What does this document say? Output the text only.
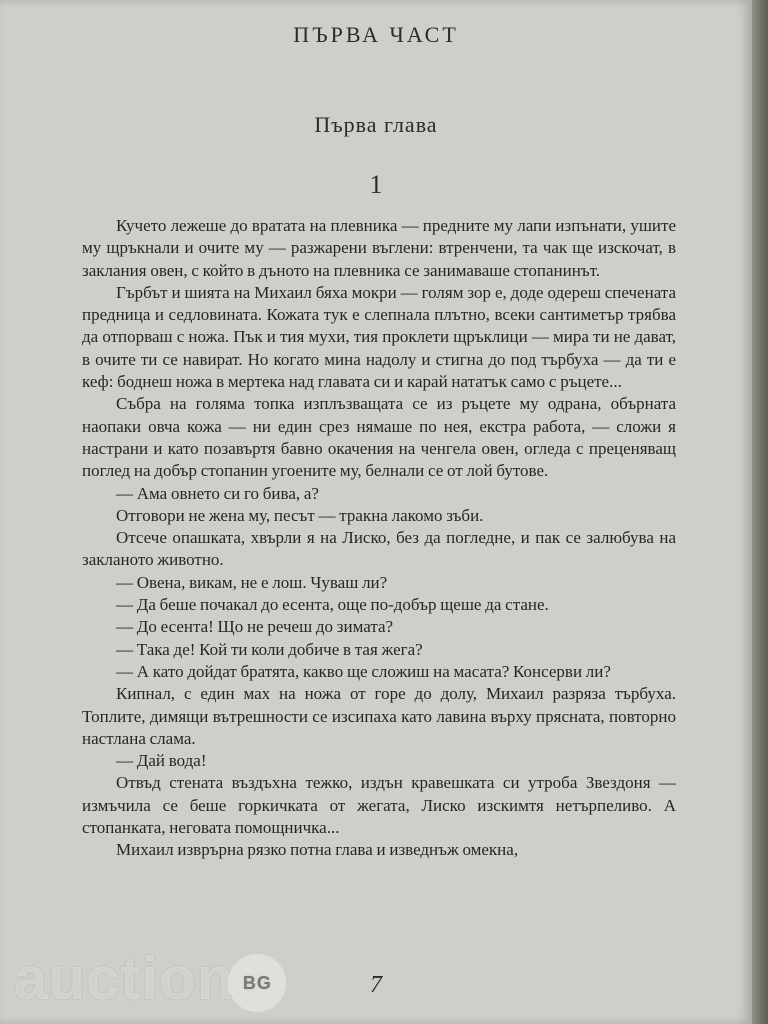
ПЪРВА ЧАСТ
Първа глава
1

Кучето лежеше до вратата на плевника — предните му лапи изпънати, ушите му щръкнали и очите му — разжарени въглени: втренчени, та чак ще изскочат, в заклания овен, с който в дъното на плевника се занимаваше стопанинът.

Гърбът и шията на Михаил бяха мокри — голям зор е, доде одереш спечената предница и седловината. Кожата тук е слепнала плътно, всеки сантиметър трябва да отпорваш с ножа. Пък и тия мухи, тия проклети щръклици — мира ти не дават, в очите ти се навират. Но когато мина надолу и стигна до под търбуха — да ти е кеф: боднеш ножа в мертека над главата си и карай нататък само с ръцете...

Събра на голяма топка изплъзващата се из ръцете му одрана, обърната наопаки овча кожа — ни един срез нямаше по нея, екстра работа, — сложи я настрани и като позавъртя бавно окачения на ченгела овен, огледа с преценяващ поглед на добър стопанин угоените му, белнали се от лой бутове.

— Ама овнето си го бива, а?

Отговори не жена му, песът — тракна лакомо зъби.

Отсече опашката, хвърли я на Лиско, без да погледне, и пак се залюбува на закланото животно.

— Овена, викам, не е лош. Чуваш ли?

— Да беше почакал до есента, още по-добър щеше да стане.

— До есента! Що не речеш до зимата?

— Така де! Кой ти коли добиче в тая жега?

— А като дойдат братята, какво ще сложиш на масата? Консерви ли?

Кипнал, с един мах на ножа от горе до долу, Михаил разряза търбуха. Топлите, димящи вътрешности се изсипаха като лавина върху прясната, повторно настлана слама.

— Дай вода!

Отвъд стената въздъхна тежко, издън кравешката си утроба Звездоня — измъчила се беше горкичката от жегата, Лиско изскимтя нетърпеливо. А стопанката, неговата помощничка...

Михаил изврърна рязко потна глава и изведнъж омекна,

7
auction BG
